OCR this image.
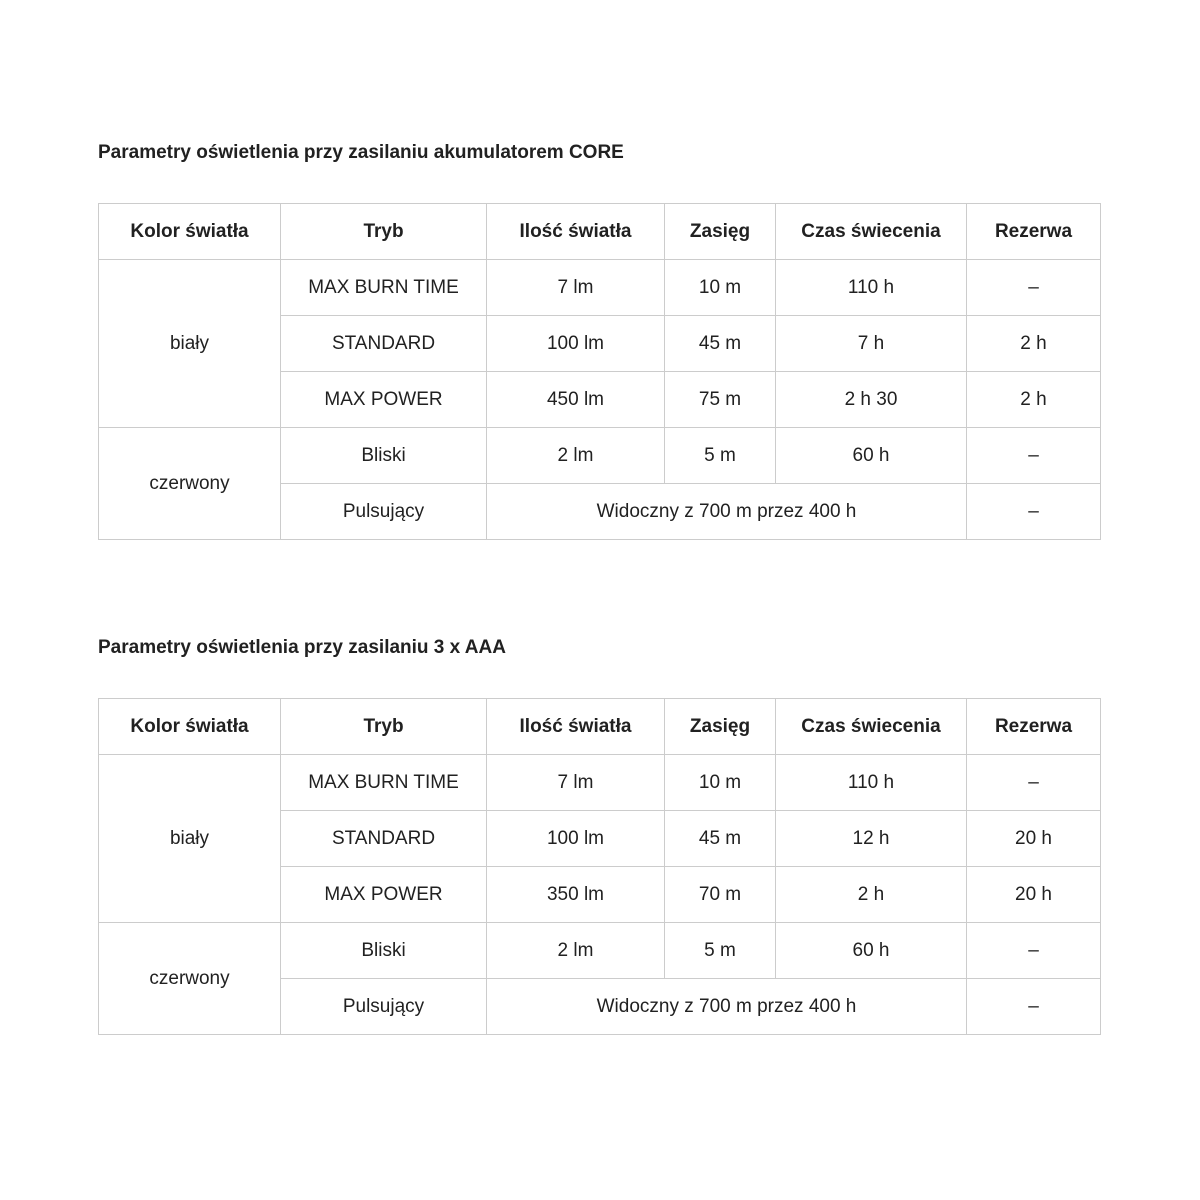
Parametry oświetlenia przy zasilaniu akumulatorem CORE
Kolor światła	Tryb	Ilość światła	Zasięg	Czas świecenia	Rezerwa
biały	MAX BURN TIME	7 lm	10 m	110 h	–
	STANDARD	100 lm	45 m	7 h	2 h
	MAX POWER	450 lm	75 m	2 h 30	2 h
czerwony	Bliski	2 lm	5 m	60 h	–
	Pulsujący	Widoczny z 700 m przez 400 h			–
Parametry oświetlenia przy zasilaniu 3 x AAA
Kolor światła	Tryb	Ilość światła	Zasięg	Czas świecenia	Rezerwa
biały	MAX BURN TIME	7 lm	10 m	110 h	–
	STANDARD	100 lm	45 m	12 h	20 h
	MAX POWER	350 lm	70 m	2 h	20 h
czerwony	Bliski	2 lm	5 m	60 h	–
	Pulsujący	Widoczny z 700 m przez 400 h			–
